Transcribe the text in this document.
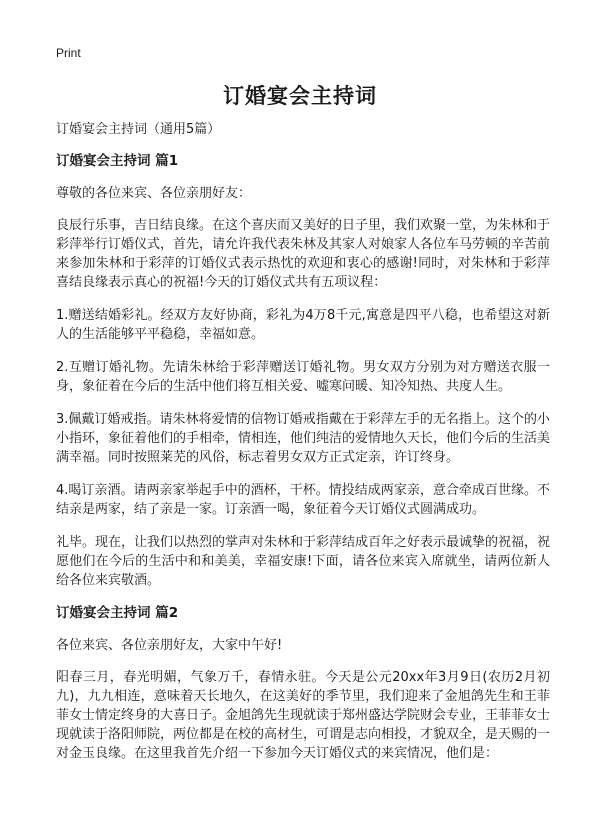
Print
订婚宴会主持词

订婚宴会主持词（通用5篇）

订婚宴会主持词 篇1

尊敬的各位来宾、各位亲朋好友：

良辰行乐事，吉日结良缘。在这个喜庆而又美好的日子里，我们欢聚一堂，为朱林和于彩萍举行订婚仪式，首先，请允许我代表朱林及其家人对娘家人各位车马劳顿的辛苦前来参加朱林和于彩萍的订婚仪式表示热忱的欢迎和衷心的感谢!同时，对朱林和于彩萍喜结良缘表示真心的祝福!今天的订婚仪式共有五项议程：

1.赠送结婚彩礼。经双方友好协商，彩礼为4万8千元,寓意是四平八稳，也希望这对新人的生活能够平平稳稳，幸福如意。

2.互赠订婚礼物。先请朱林给于彩萍赠送订婚礼物。男女双方分别为对方赠送衣服一身，象征着在今后的生活中他们将互相关爱、嘘寒问暖、知冷知热、共度人生。

3.佩戴订婚戒指。请朱林将爱情的信物订婚戒指戴在于彩萍左手的无名指上。这个的小小指环，象征着他们的手相牵，情相连，他们纯洁的爱情地久天长，他们今后的生活美满幸福。同时按照莱芜的风俗，标志着男女双方正式定亲，许订终身。

4.喝订亲酒。请两亲家举起手中的酒杯，干杯。情投结成两家亲，意合牵成百世缘。不结亲是两家，结了亲是一家。订亲酒一喝，象征着今天订婚仪式圆满成功。

礼毕。现在，让我们以热烈的掌声对朱林和于彩萍结成百年之好表示最诚挚的祝福，祝愿他们在今后的生活中和和美美，幸福安康!下面，请各位来宾入席就坐，请两位新人给各位来宾敬酒。

订婚宴会主持词 篇2

各位来宾、各位亲朋好友，大家中午好!

阳春三月，春光明媚，气象万千，春情永驻。今天是公元20xx年3月9日(农历2月初九)，九九相连，意味着天长地久，在这美好的季节里，我们迎来了金旭鸽先生和王菲菲女士情定终身的大喜日子。金旭鸽先生现就读于郑州盛达学院财会专业，王菲菲女士现就读于洛阳师院，两位都是在校的高材生，可谓是志向相投，才貌双全，是天赐的一对金玉良缘。在这里我首先介绍一下参加今天订婚仪式的来宾情况，他们是：
